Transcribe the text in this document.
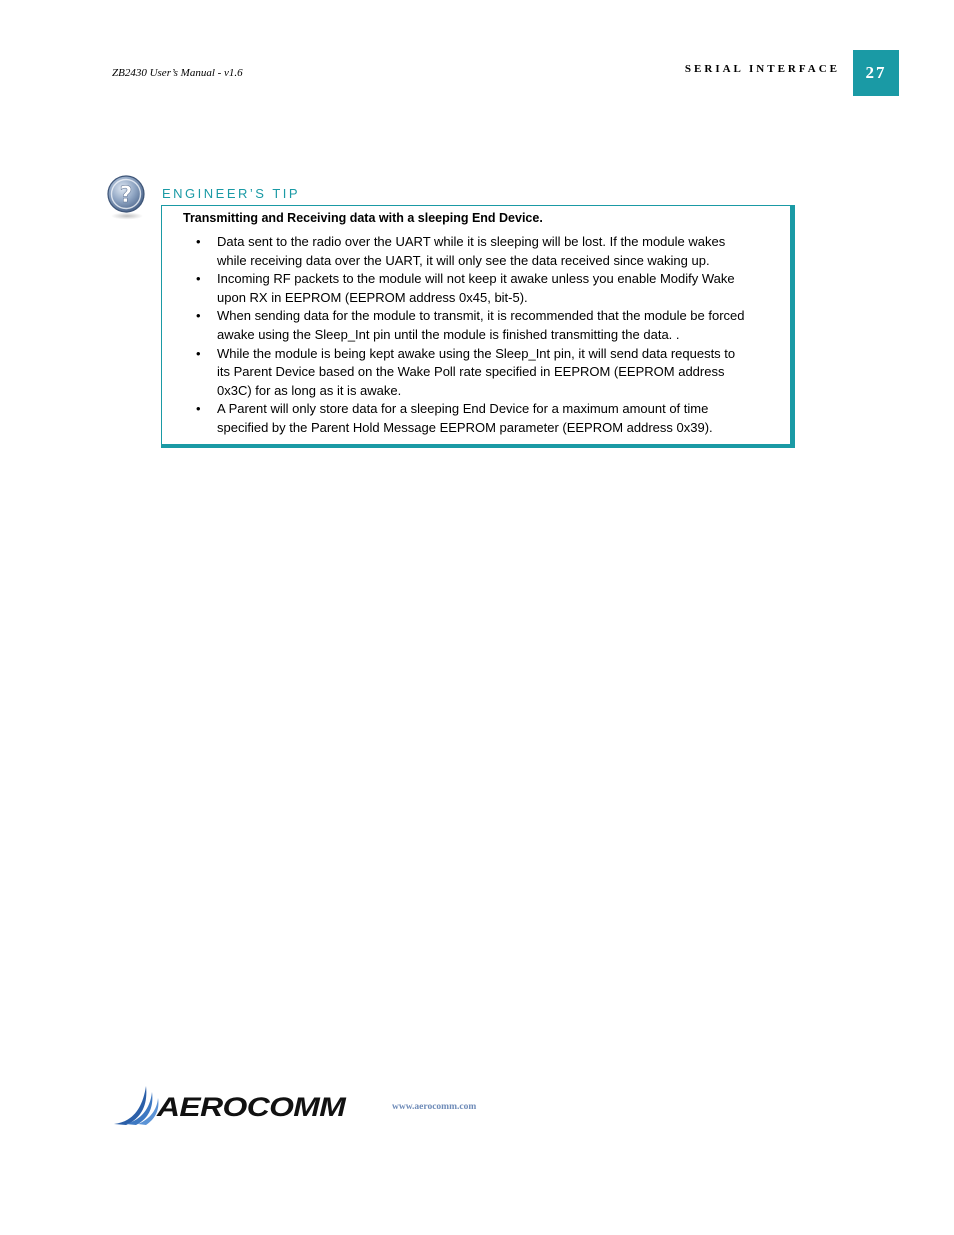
ZB2430 User’s Manual - v1.6	SERIAL INTERFACE 27
? ENGINEER’S TIP
Transmitting and Receiving data with a sleeping End Device.
• Data sent to the radio over the UART while it is sleeping will be lost. If the module wakes
while receiving data over the UART, it will only see the data received since waking up.
• Incoming RF packets to the module will not keep it awake unless you enable Modify Wake
upon RX in EEPROM (EEPROM address 0x45, bit-5).
• When sending data for the module to transmit, it is recommended that the module be forced
awake using the Sleep_Int pin until the module is finished transmitting the data. .
• While the module is being kept awake using the Sleep_Int pin, it will send data requests to
its Parent Device based on the Wake Poll rate specified in EEPROM (EEPROM address
0x3C) for as long as it is awake.
• A Parent will only store data for a sleeping End Device for a maximum amount of time
specified by the Parent Hold Message EEPROM parameter (EEPROM address 0x39).
AEROCOMM	www.aerocomm.com
